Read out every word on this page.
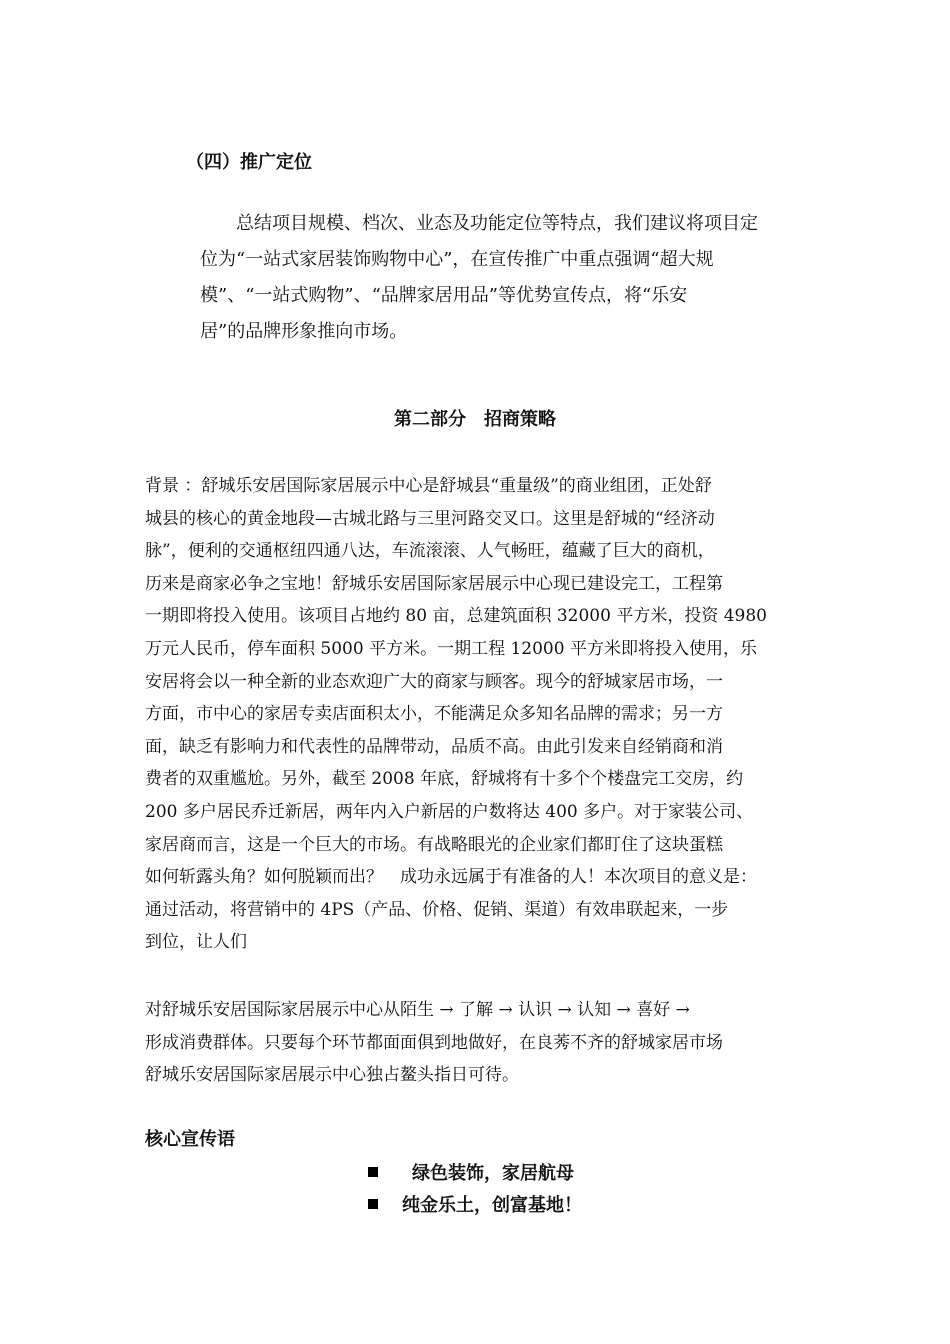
（四）推广定位

　　总结项目规模、档次、业态及功能定位等特点，我们建议将项目定

位为“一站式家居装饰购物中心”，在宣传推广中重点强调“超大规

模”、“一站式购物”、“品牌家居用品”等优势宣传点，将“乐安

居”的品牌形象推向市场。

第二部分　招商策略

背景 ：舒城乐安居国际家居展示中心是舒城县“重量级”的商业组团，正处舒

城县的核心的黄金地段—古城北路与三里河路交叉口。这里是舒城的“经济动

脉”，便利的交通枢纽四通八达，车流滚滚、人气畅旺，蕴藏了巨大的商机，

历来是商家必争之宝地！舒城乐安居国际家居展示中心现已建设完工，工程第

一期即将投入使用。该项目占地约 80 亩，总建筑面积 32000 平方米，投资 4980

万元人民币，停车面积 5000 平方米。一期工程 12000 平方米即将投入使用，乐

安居将会以一种全新的业态欢迎广大的商家与顾客。现今的舒城家居市场，一

方面，市中心的家居专卖店面积太小，不能满足众多知名品牌的需求；另一方

面，缺乏有影响力和代表性的品牌带动，品质不高。由此引发来自经销商和消

费者的双重尴尬。另外，截至 2008 年底，舒城将有十多个个楼盘完工交房，约

200 多户居民乔迁新居，两年内入户新居的户数将达 400 多户。对于家装公司、

家居商而言，这是一个巨大的市场。有战略眼光的企业家们都盯住了这块蛋糕

如何斩露头角？如何脱颖而出？　成功永远属于有准备的人！本次项目的意义是：

通过活动，将营销中的 4PS（产品、价格、促销、渠道）有效串联起来，一步

到位，让人们

对舒城乐安居国际家居展示中心从陌生 → 了解 → 认识 → 认知 → 喜好 →

形成消费群体。只要每个环节都面面俱到地做好，在良莠不齐的舒城家居市场

舒城乐安居国际家居展示中心独占鳌头指日可待。

核心宣传语
绿色装饰，家居航母
纯金乐土，创富基地！
